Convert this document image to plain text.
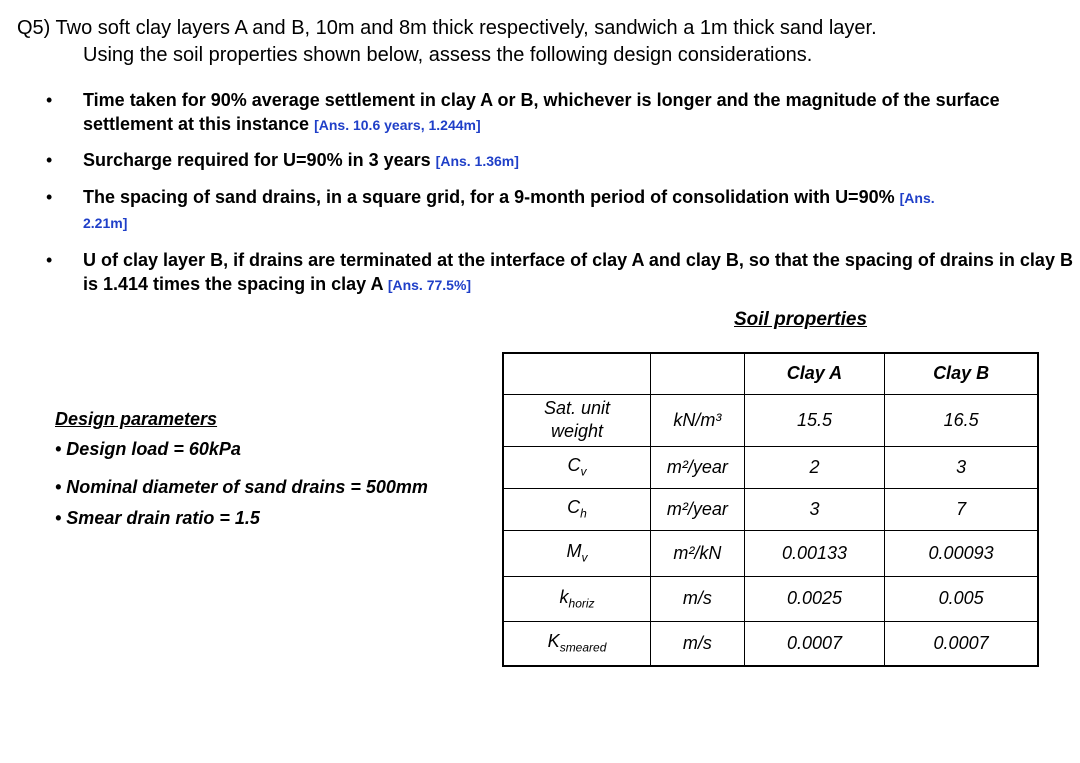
Q5) Two soft clay layers A and B, 10m and 8m thick respectively, sandwich a 1m thick sand layer.
Using the soil properties shown below, assess the following design considerations.

• Time taken for 90% average settlement in clay A or B, whichever is longer and the magnitude of the surface settlement at this instance [Ans. 10.6 years, 1.244m]
• Surcharge required for U=90% in 3 years [Ans. 1.36m]
• The spacing of sand drains, in a square grid, for a 9-month period of consolidation with U=90% [Ans. 2.21m]
• U of clay layer B, if drains are terminated at the interface of clay A and clay B, so that the spacing of drains in clay B is 1.414 times the spacing in clay A [Ans. 77.5%]
Soil properties
Design parameters
• Design load = 60kPa
• Nominal diameter of sand drains = 500mm
• Smear drain ratio = 1.5
		Clay A	Clay B
Sat. unit weight	kN/m³	15.5	16.5
$C_v$	m²/year	2	3
$C_h$	m²/year	3	7
$M_v$	m²/kN	0.00133	0.00093
$k_{horiz}$	m/s	0.0025	0.005
$K_{smeared}$	m/s	0.0007	0.0007
